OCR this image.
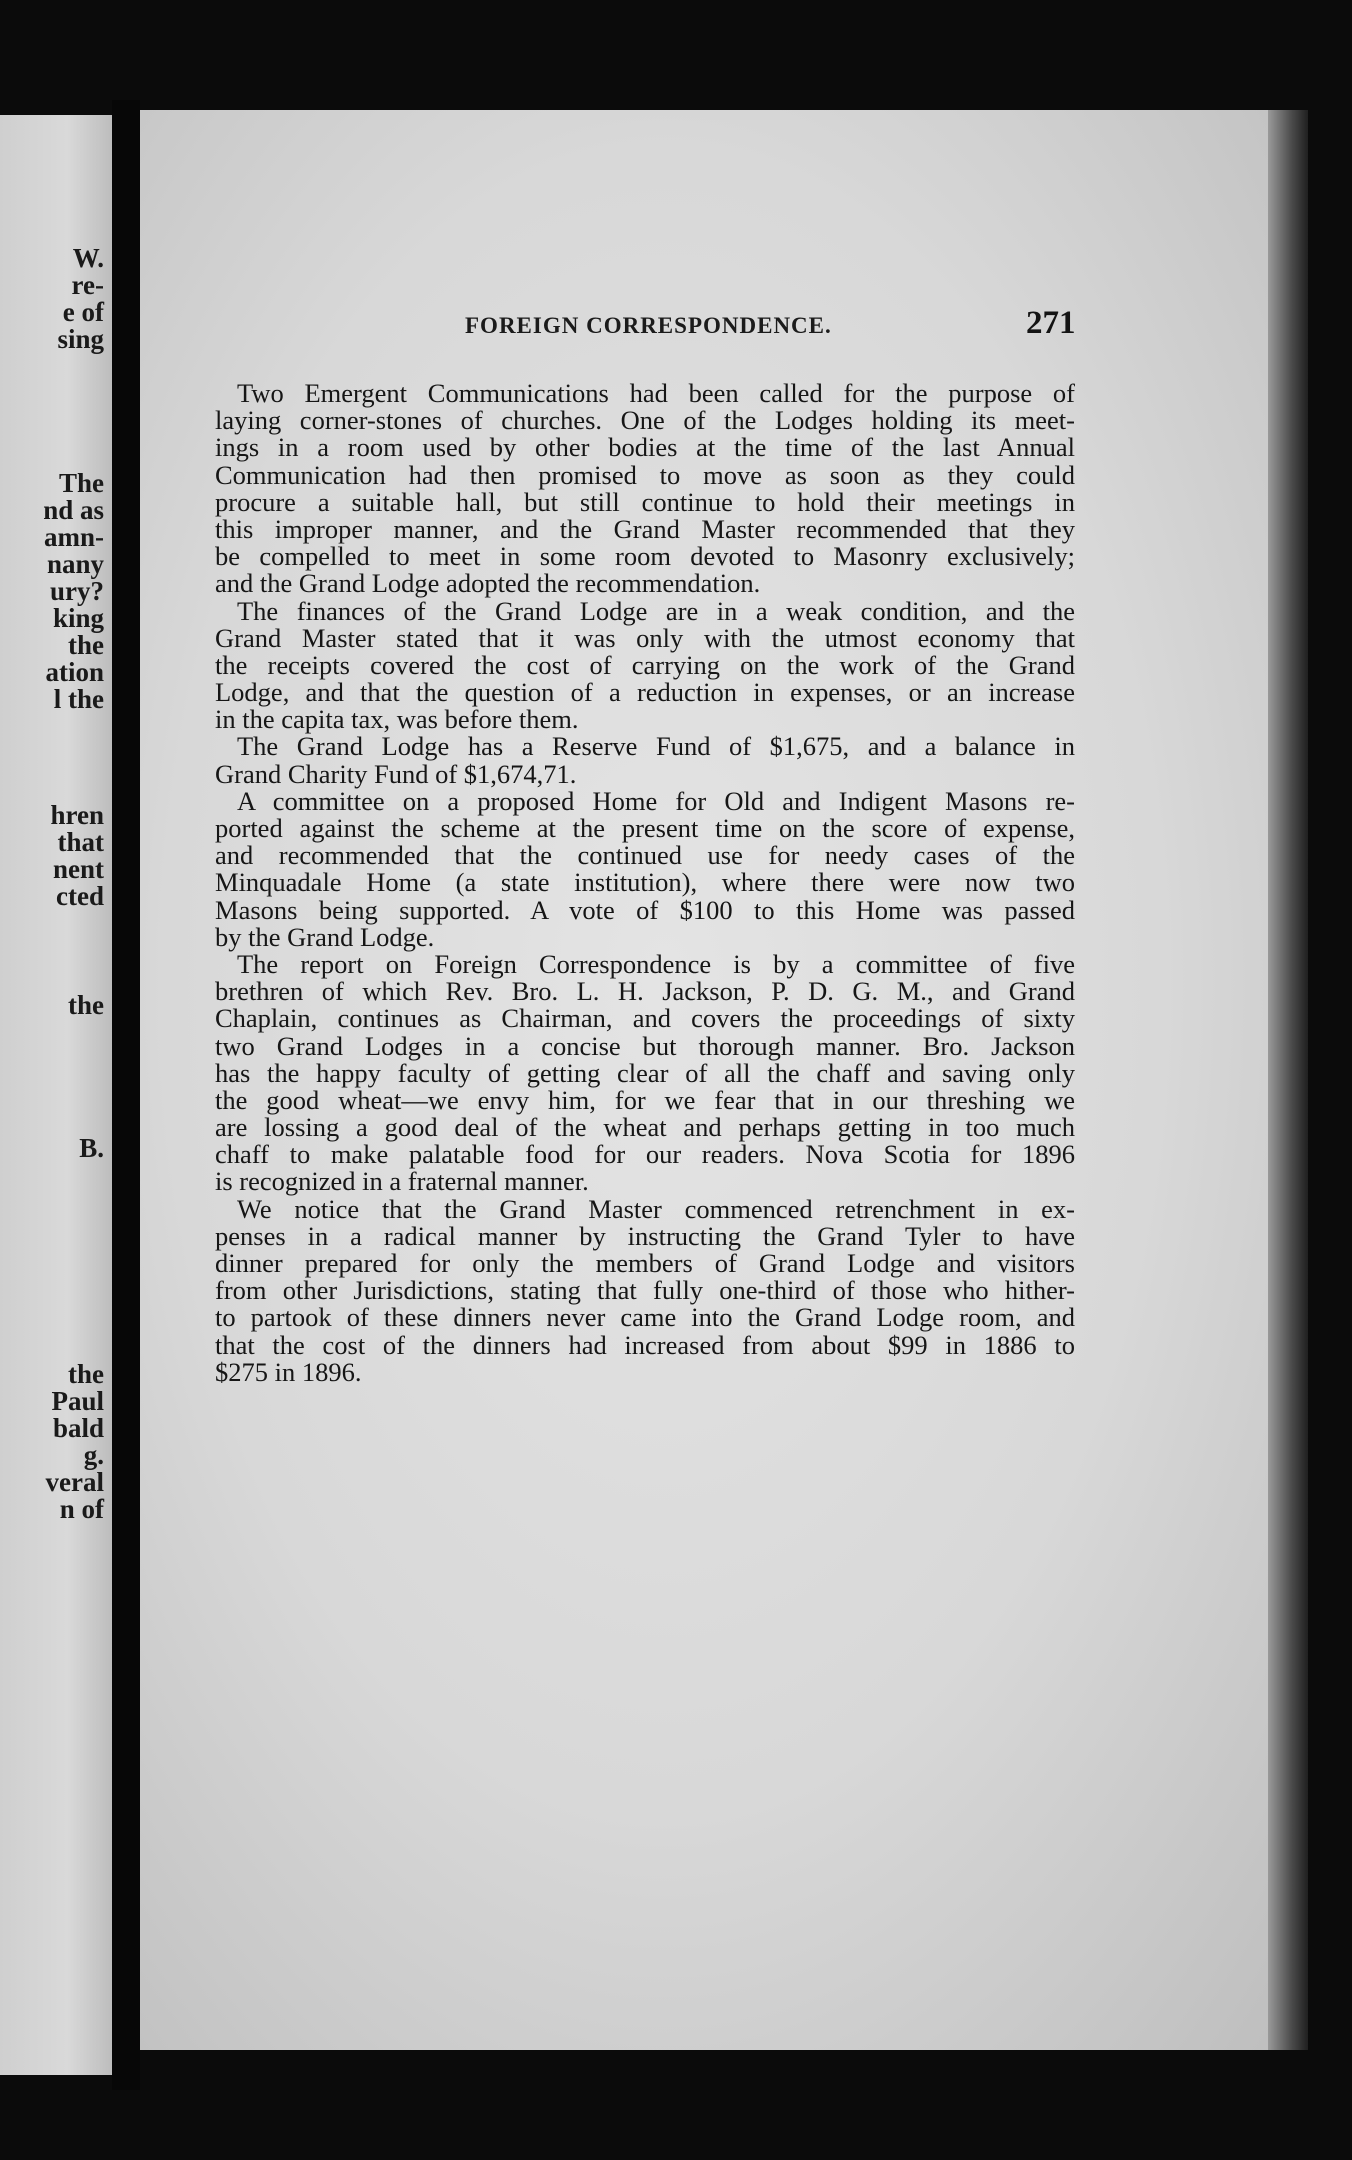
W.
re-
e of
sing
The
nd as
amn-
nany
ury?
king
the
ation
l the
hren
that
nent
cted
the
B.
the
Paul
bald
g.
veral
n of
FOREIGN CORRESPONDENCE.	271
Two Emergent Communications had been called for the purpose of
laying corner-stones of churches. One of the Lodges holding its meet-
ings in a room used by other bodies at the time of the last Annual
Communication had then promised to move as soon as they could
procure a suitable hall, but still continue to hold their meetings in
this improper manner, and the Grand Master recommended that they
be compelled to meet in some room devoted to Masonry exclusively;
and the Grand Lodge adopted the recommendation.
The finances of the Grand Lodge are in a weak condition, and the
Grand Master stated that it was only with the utmost economy that
the receipts covered the cost of carrying on the work of the Grand
Lodge, and that the question of a reduction in expenses, or an increase
in the capita tax, was before them.
The Grand Lodge has a Reserve Fund of $1,675, and a balance in
Grand Charity Fund of $1,674,71.
A committee on a proposed Home for Old and Indigent Masons re-
ported against the scheme at the present time on the score of expense,
and recommended that the continued use for needy cases of the
Minquadale Home (a state institution), where there were now two
Masons being supported. A vote of $100 to this Home was passed
by the Grand Lodge.
The report on Foreign Correspondence is by a committee of five
brethren of which Rev. Bro. L. H. Jackson, P. D. G. M., and Grand
Chaplain, continues as Chairman, and covers the proceedings of sixty
two Grand Lodges in a concise but thorough manner. Bro. Jackson
has the happy faculty of getting clear of all the chaff and saving only
the good wheat—we envy him, for we fear that in our threshing we
are lossing a good deal of the wheat and perhaps getting in too much
chaff to make palatable food for our readers. Nova Scotia for 1896
is recognized in a fraternal manner.
We notice that the Grand Master commenced retrenchment in ex-
penses in a radical manner by instructing the Grand Tyler to have
dinner prepared for only the members of Grand Lodge and visitors
from other Jurisdictions, stating that fully one-third of those who hither-
to partook of these dinners never came into the Grand Lodge room, and
that the cost of the dinners had increased from about $99 in 1886 to
$275 in 1896.
